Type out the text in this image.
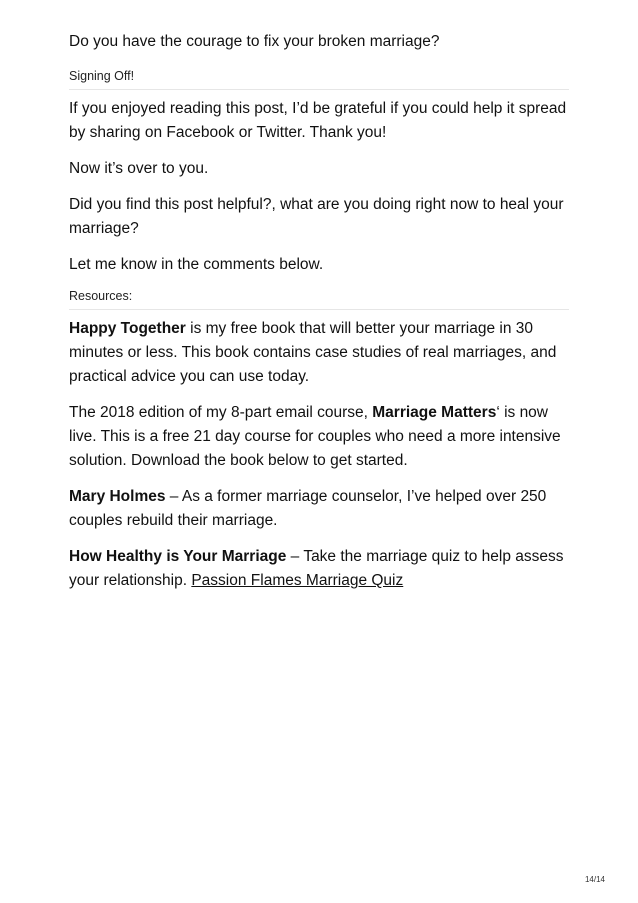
Do you have the courage to fix your broken marriage?

Signing Off!

If you enjoyed reading this post, I’d be grateful if you could help it spread by sharing on Facebook or Twitter. Thank you!

Now it’s over to you.

Did you find this post helpful?, what are you doing right now to heal your marriage?

Let me know in the comments below.

Resources:

Happy Together is my free book that will better your marriage in 30 minutes or less. This book contains case studies of real marriages, and practical advice you can use today.

The 2018 edition of my 8-part email course, Marriage Matters‘ is now live. This is a free 21 day course for couples who need a more intensive solution. Download the book below to get started.

Mary Holmes – As a former marriage counselor, I’ve helped over 250 couples rebuild their marriage.

How Healthy is Your Marriage – Take the marriage quiz to help assess your relationship. Passion Flames Marriage Quiz

14/14
